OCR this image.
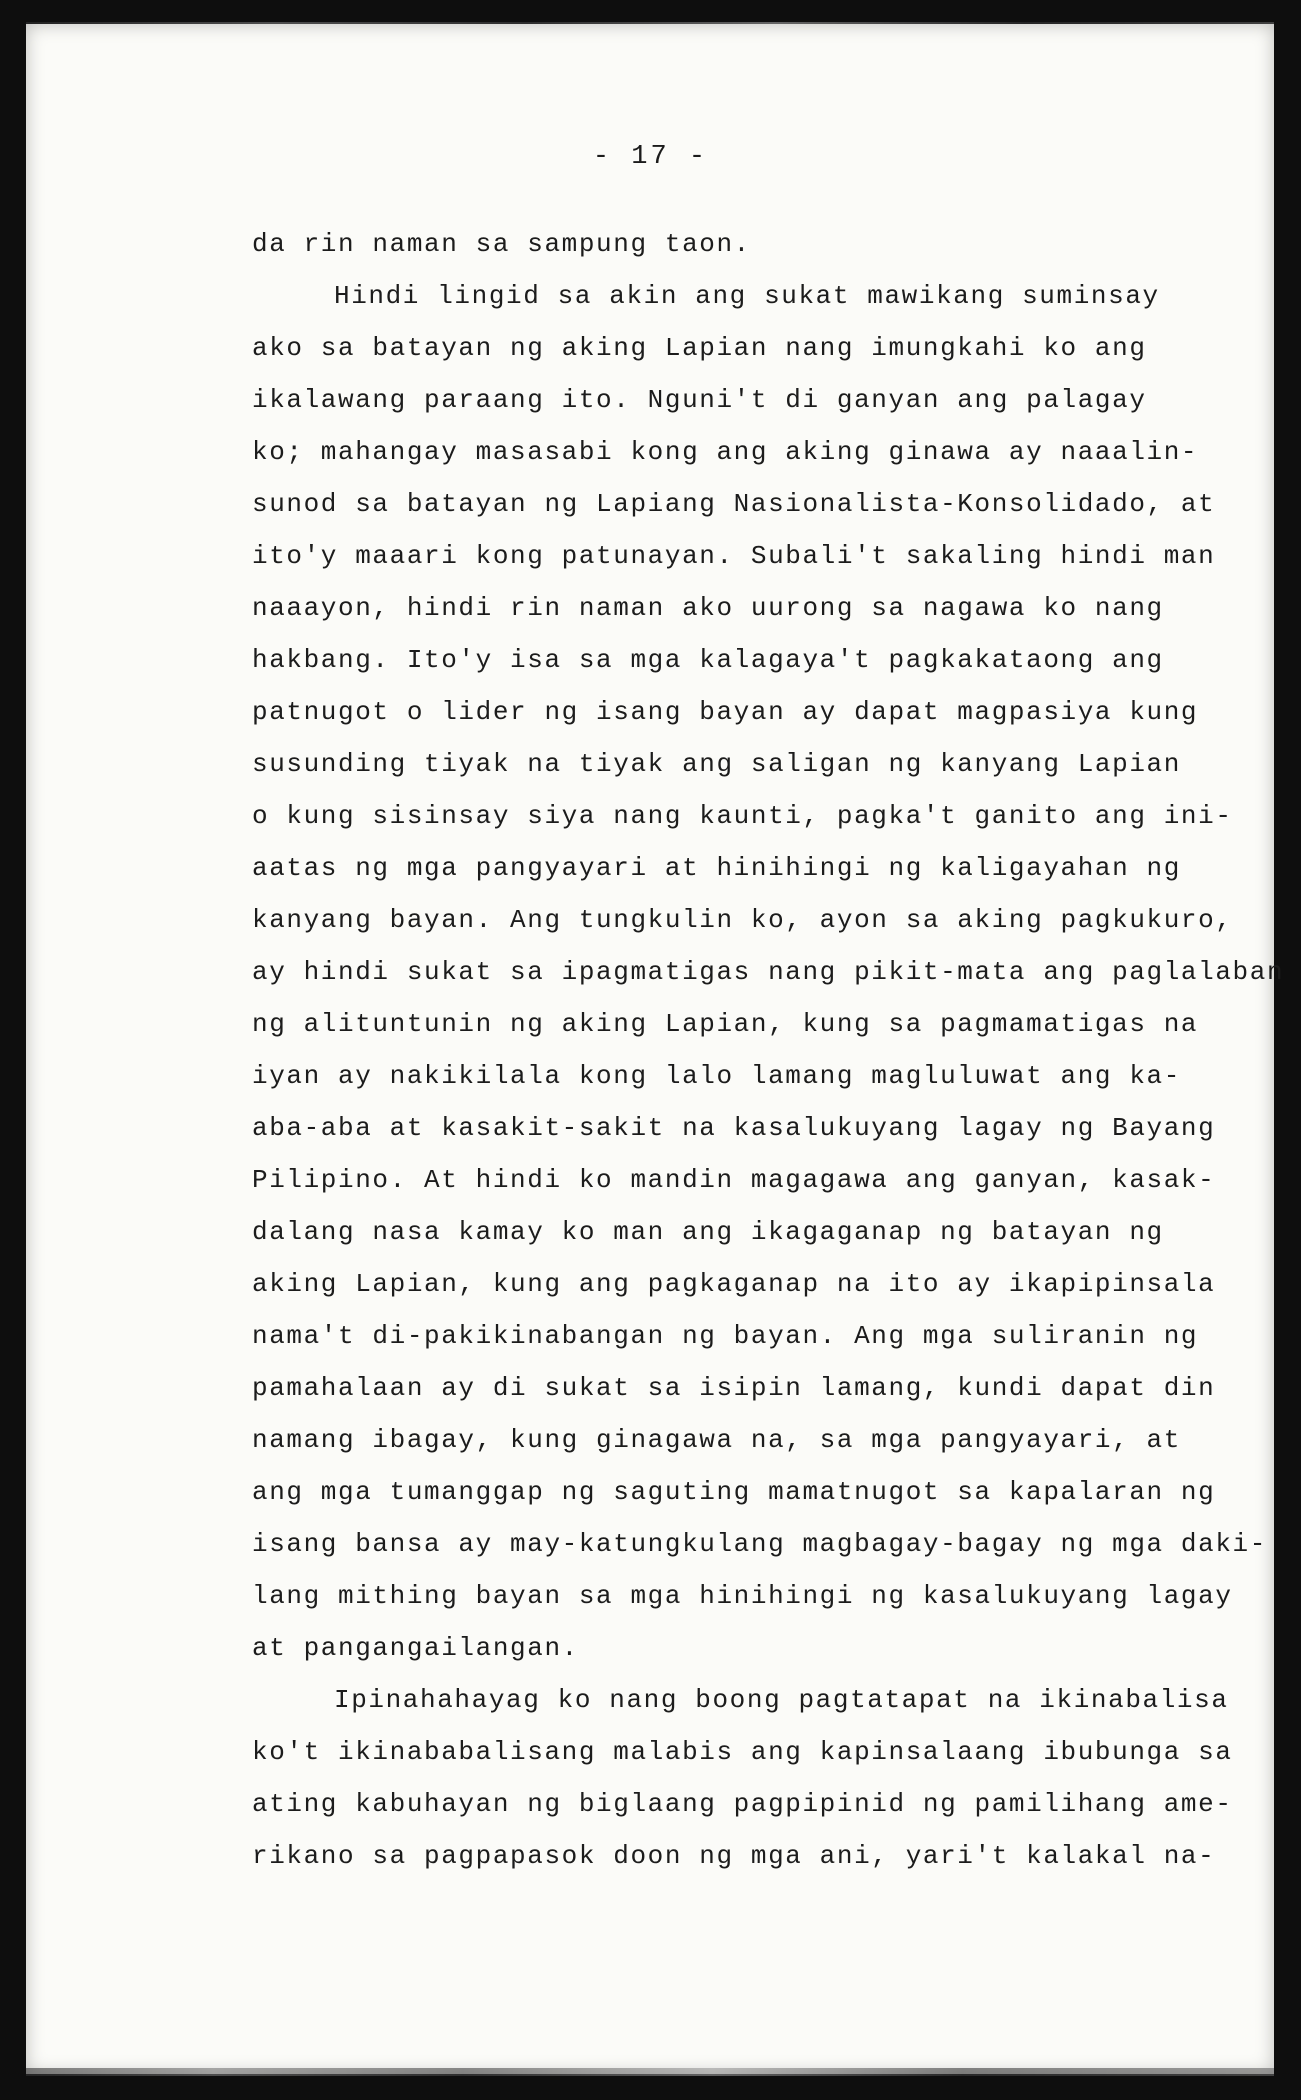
- 17 -
da rin naman sa sampung taon.
Hindi lingid sa akin ang sukat mawikang suminsay
ako sa batayan ng aking Lapian nang imungkahi ko ang
ikalawang paraang ito. Nguni't di ganyan ang palagay
ko; mahangay masasabi kong ang aking ginawa ay naaalin-
sunod sa batayan ng Lapiang Nasionalista-Konsolidado, at
ito'y maaari kong patunayan. Subali't sakaling hindi man
naaayon, hindi rin naman ako uurong sa nagawa ko nang
hakbang. Ito'y isa sa mga kalagaya't pagkakataong ang
patnugot o lider ng isang bayan ay dapat magpasiya kung
susunding tiyak na tiyak ang saligan ng kanyang Lapian
o kung sisinsay siya nang kaunti, pagka't ganito ang ini-
aatas ng mga pangyayari at hinihingi ng kaligayahan ng
kanyang bayan. Ang tungkulin ko, ayon sa aking pagkukuro,
ay hindi sukat sa ipagmatigas nang pikit-mata ang paglalaban
ng alituntunin ng aking Lapian, kung sa pagmamatigas na
iyan ay nakikilala kong lalo lamang magluluwat ang ka-
aba-aba at kasakit-sakit na kasalukuyang lagay ng Bayang
Pilipino. At hindi ko mandin magagawa ang ganyan, kasak-
dalang nasa kamay ko man ang ikagaganap ng batayan ng
aking Lapian, kung ang pagkaganap na ito ay ikapipinsala
nama't di-pakikinabangan ng bayan. Ang mga suliranin ng
pamahalaan ay di sukat sa isipin lamang, kundi dapat din
namang ibagay, kung ginagawa na, sa mga pangyayari, at
ang mga tumanggap ng saguting mamatnugot sa kapalaran ng
isang bansa ay may-katungkulang magbagay-bagay ng mga daki-
lang mithing bayan sa mga hinihingi ng kasalukuyang lagay
at pangangailangan.
Ipinahahayag ko nang boong pagtatapat na ikinabalisa
ko't ikinababalisang malabis ang kapinsalaang ibubunga sa
ating kabuhayan ng biglaang pagpipinid ng pamilihang ame-
rikano sa pagpapasok doon ng mga ani, yari't kalakal na-
